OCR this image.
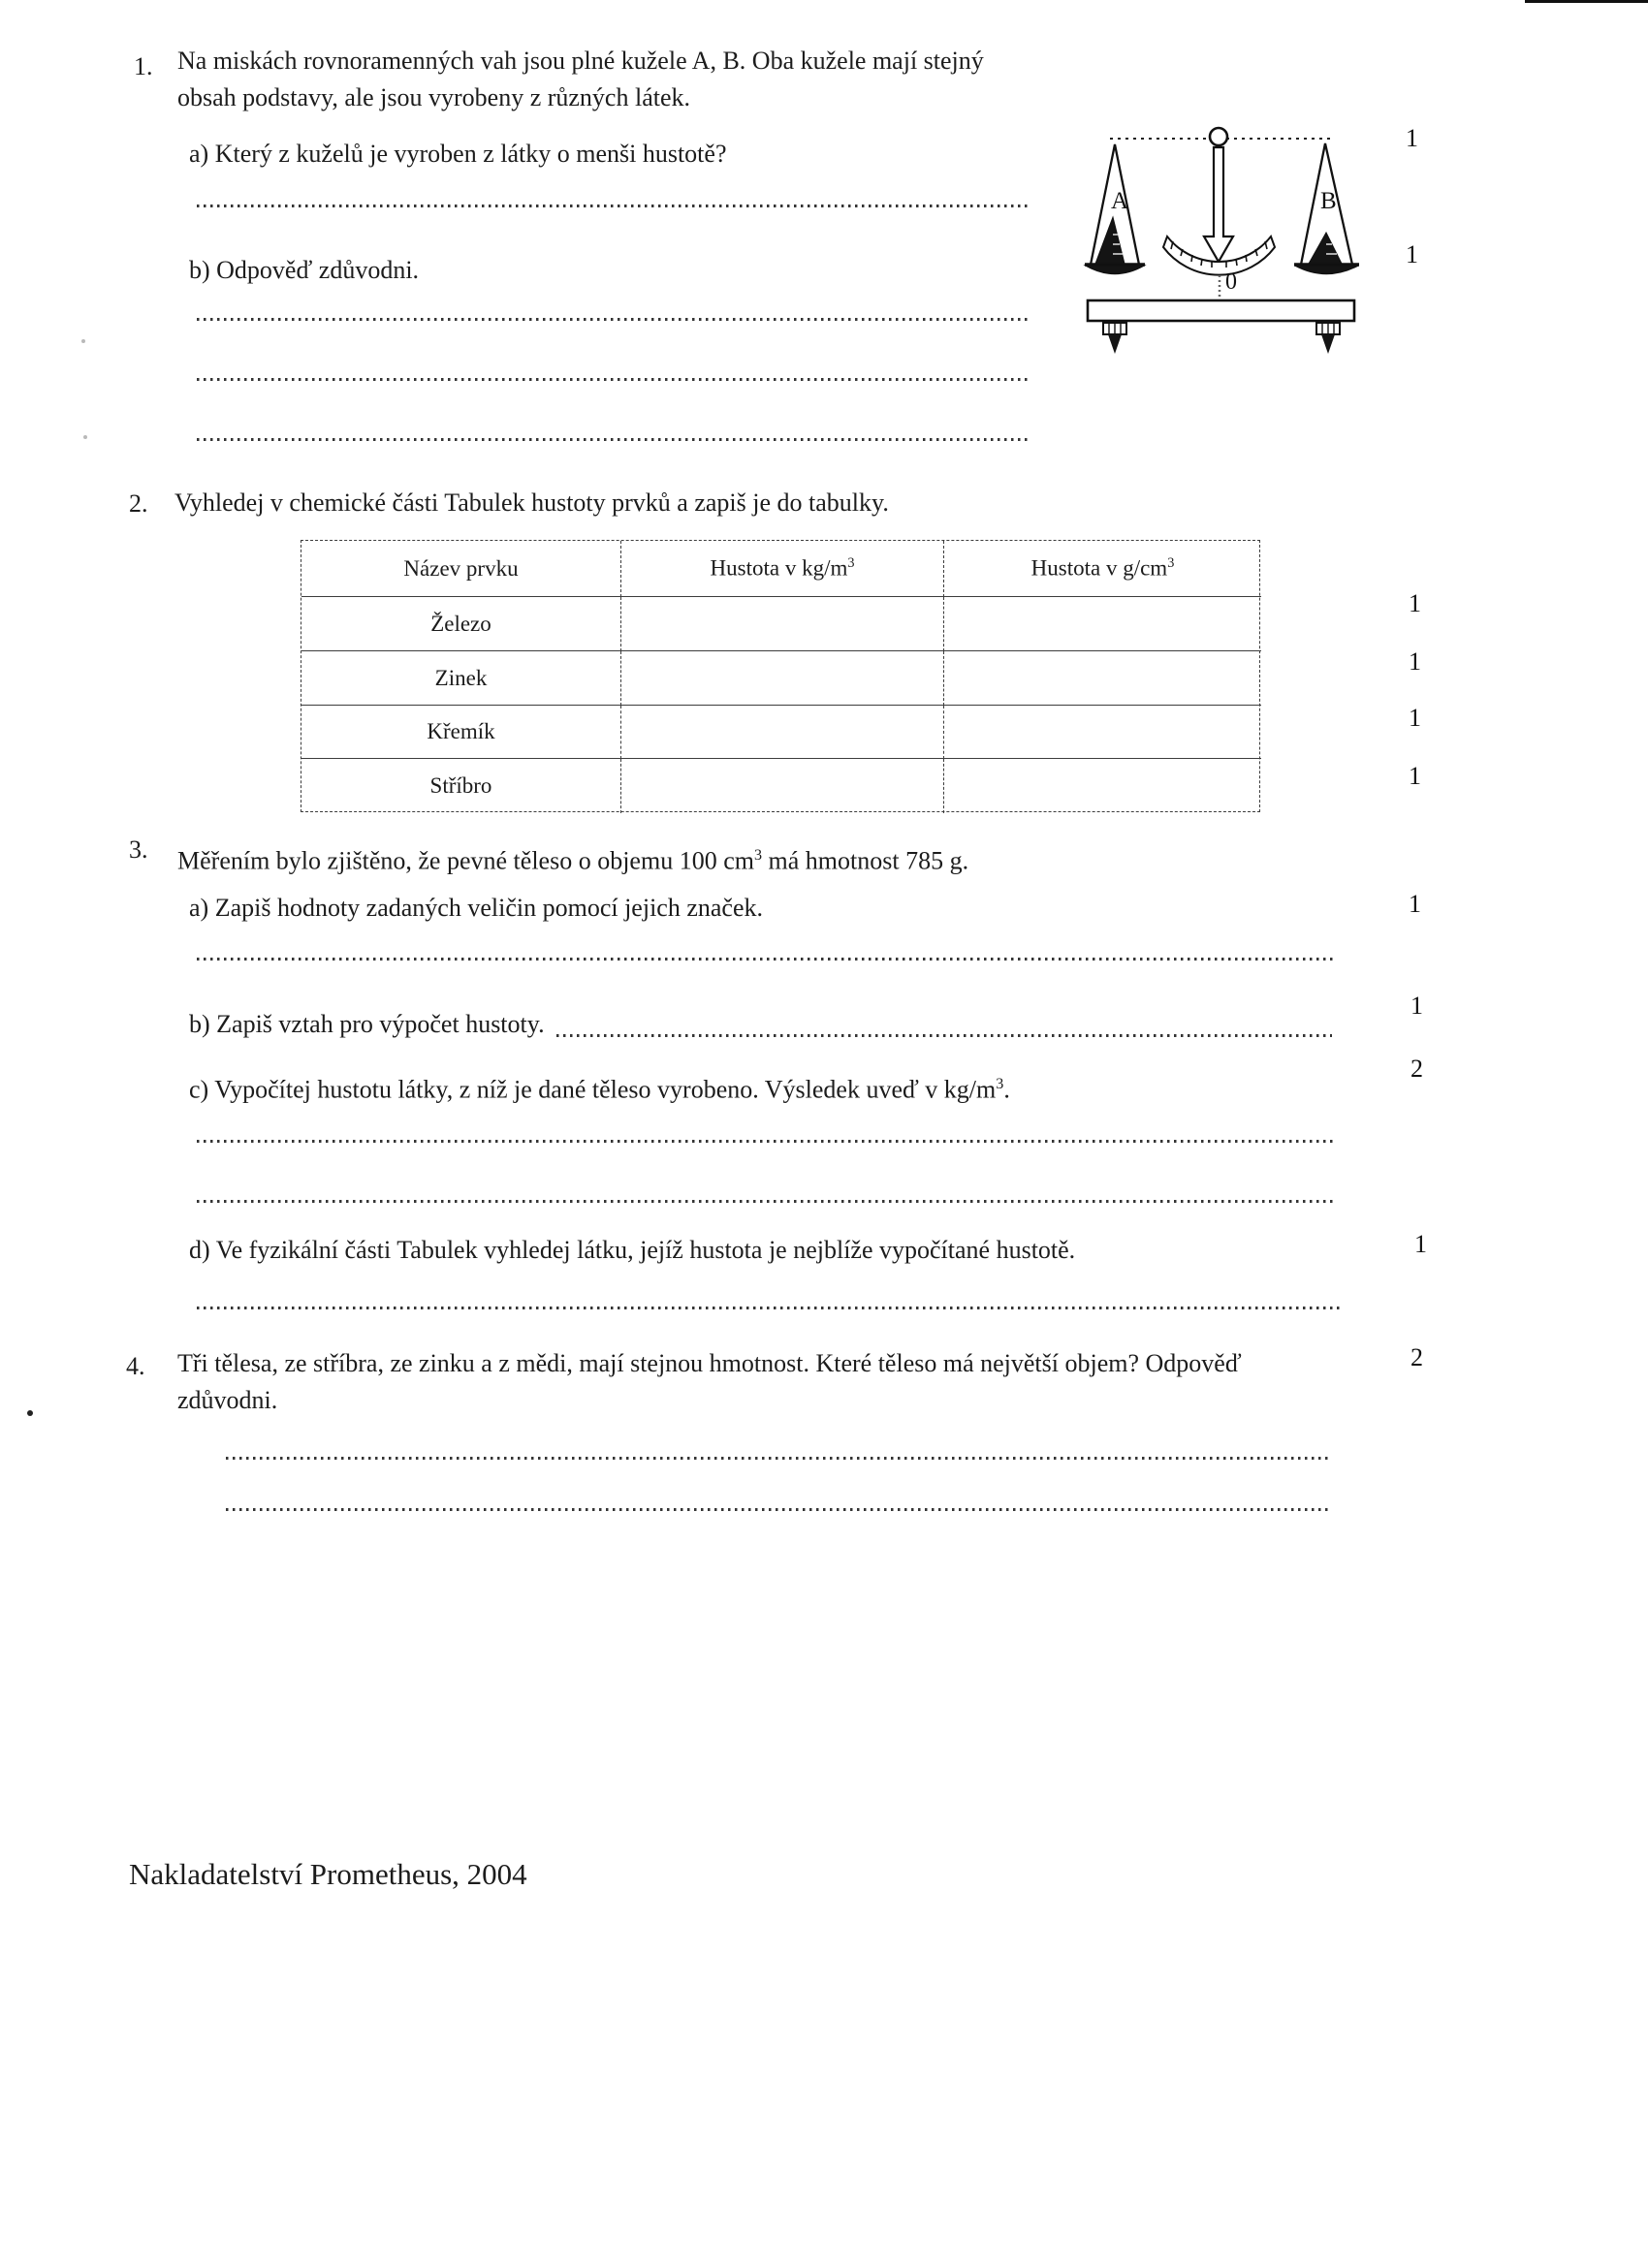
1. Na miskách rovnoramenných vah jsou plné kužele A, B. Oba kužele mají stejný
obsah podstavy, ale jsou vyrobeny z různých látek.
a) Který z kuželů je vyroben z látky o menši hustotě?
b) Odpověď zdůvodni.
1
1
0
A	B
2. Vyhledej v chemické části Tabulek hustoty prvků a zapiš je do tabulky.
Název prvku	Hustota v $kg/m^3$	Hustota v $g/cm^3$
Železo
Zinek
Křemík
Stříbro
1
1
1
1
3. Měřením bylo zjištěno, že pevné těleso o objemu 100 $cm^3$ má hmotnost 785 g.
a) Zapiš hodnoty zadaných veličin pomocí jejich značek.
b) Zapiš vztah pro výpočet hustoty.
c) Vypočítej hustotu látky, z níž je dané těleso vyrobeno. Výsledek uveď v $kg/m^3$.
d) Ve fyzikální části Tabulek vyhledej látku, jejíž hustota je nejblíže vypočítané hustotě.
1
1
2
1
4. Tři tělesa, ze stříbra, ze zinku a z mědi, mají stejnou hmotnost. Které těleso má největší objem? Odpověď
zdůvodni.
2
Nakladatelství Prometheus, 2004
